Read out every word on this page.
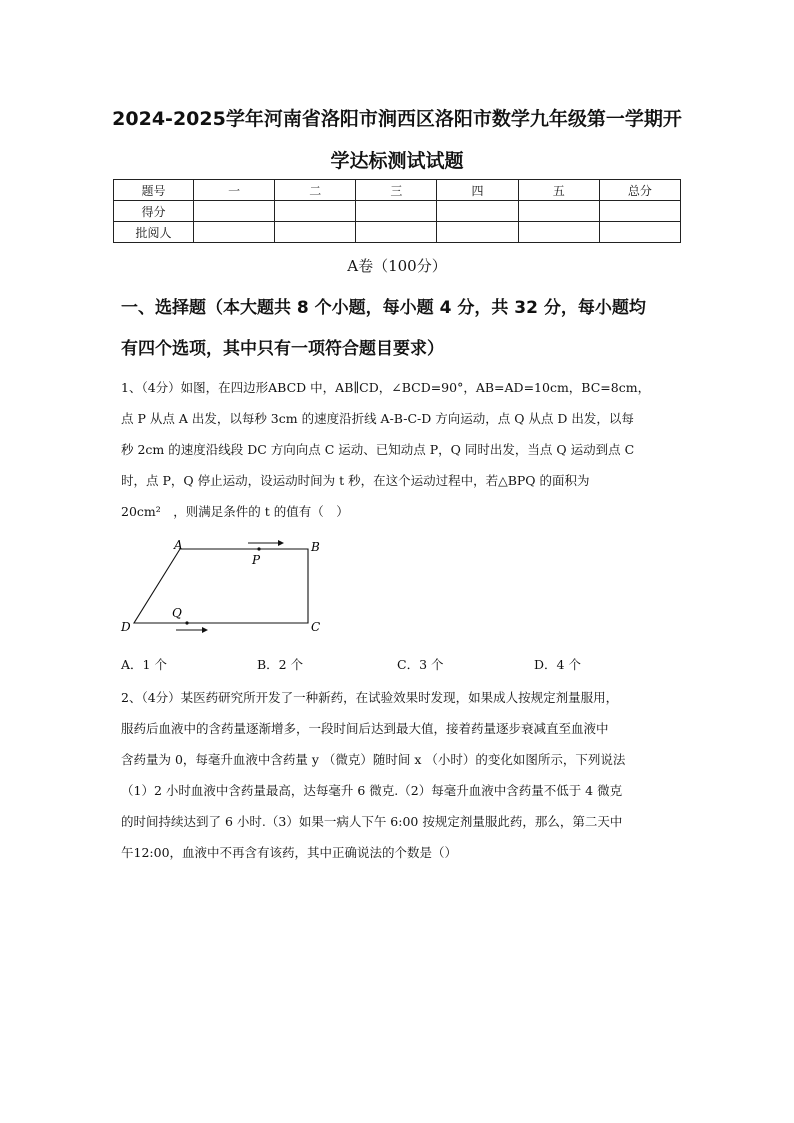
2024-2025学年河南省洛阳市涧西区洛阳市数学九年级第一学期开
学达标测试试题
题号	一	二	三	四	五	总分
得分						
批阅人						
A卷（100分）
一、选择题（本大题共 8 个小题，每小题 4 分，共 32 分，每小题均
有四个选项，其中只有一项符合题目要求）
1、（4分）如图，在四边形ABCD 中，AB∥CD，∠BCD=90°，AB=AD=10cm，BC=8cm，
点 P 从点 A 出发，以每秒 3cm 的速度沿折线 A-B-C-D 方向运动，点 Q 从点 D 出发，以每
秒 2cm 的速度沿线段 DC 方向向点 C 运动、已知动点 P，Q 同时出发，当点 Q 运动到点 C
时，点 P，Q 停止运动，设运动时间为 t 秒，在这个运动过程中，若△BPQ 的面积为
20cm²　，则满足条件的 t 的值有（　）
A	B
C
D
P
Q
A．1 个	B．2 个	C．3 个	D．4 个
2、（4分）某医药研究所开发了一种新药，在试验效果时发现，如果成人按规定剂量服用，
服药后血液中的含药量逐渐增多，一段时间后达到最大值，接着药量逐步衰减直至血液中
含药量为 0，每毫升血液中含药量 y （微克）随时间 x （小时）的变化如图所示，下列说法
（1）2 小时血液中含药量最高，达每毫升 6 微克.（2）每毫升血液中含药量不低于 4 微克
的时间持续达到了 6 小时.（3）如果一病人下午 6:00 按规定剂量服此药，那么，第二天中
午12:00，血液中不再含有该药，其中正确说法的个数是（）
